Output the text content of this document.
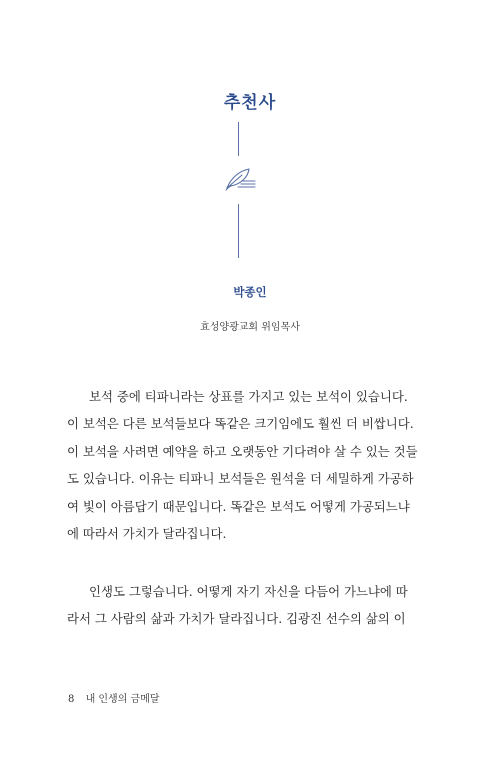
추천사
박종인
효성양광교회 위임목사
보석 중에 티파니라는 상표를 가지고 있는 보석이 있습니다.
이 보석은 다른 보석들보다 똑같은 크기임에도 훨씬 더 비쌉니다.
이 보석을 사려면 예약을 하고 오랫동안 기다려야 살 수 있는 것들
도 있습니다. 이유는 티파니 보석들은 원석을 더 세밀하게 가공하
여 빛이 아름답기 때문입니다. 똑같은 보석도 어떻게 가공되느냐
에 따라서 가치가 달라집니다.
인생도 그렇습니다. 어떻게 자기 자신을 다듬어 가느냐에 따
라서 그 사람의 삶과 가치가 달라집니다. 김광진 선수의 삶의 이
8 내 인생의 금메달
